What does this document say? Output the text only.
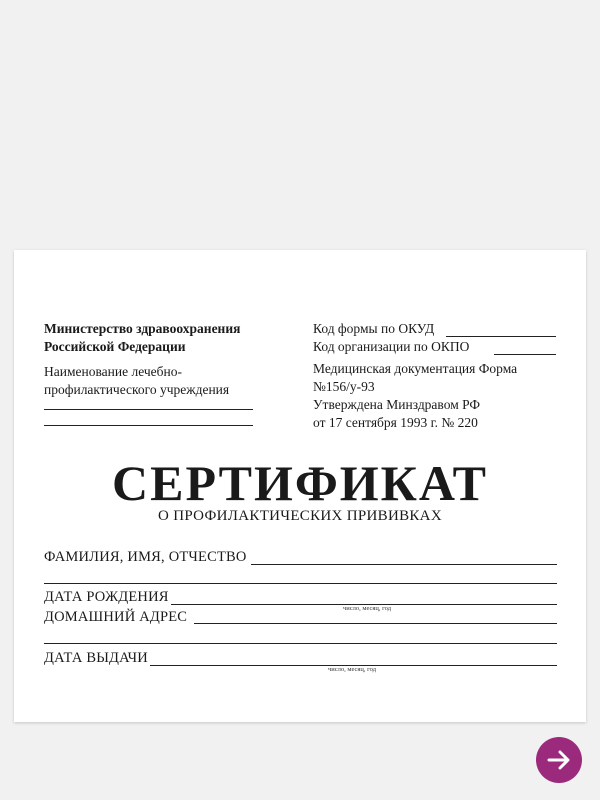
Министерство здравоохранения
Российской Федерации
Наименование лечебно-
профилактического учреждения
Код формы по ОКУД
Код организации по ОКПО
Медицинская документация Форма
№156/у-93
Утверждена Минздравом РФ
от 17 сентября 1993 г. № 220
СЕРТИФИКАТ
О ПРОФИЛАКТИЧЕСКИХ ПРИВИВКАХ
ФАМИЛИЯ, ИМЯ, ОТЧЕСТВО
ДАТА РОЖДЕНИЯ
число, месяц, год
ДОМАШНИЙ АДРЕС
ДАТА ВЫДАЧИ
число, месяц, год
